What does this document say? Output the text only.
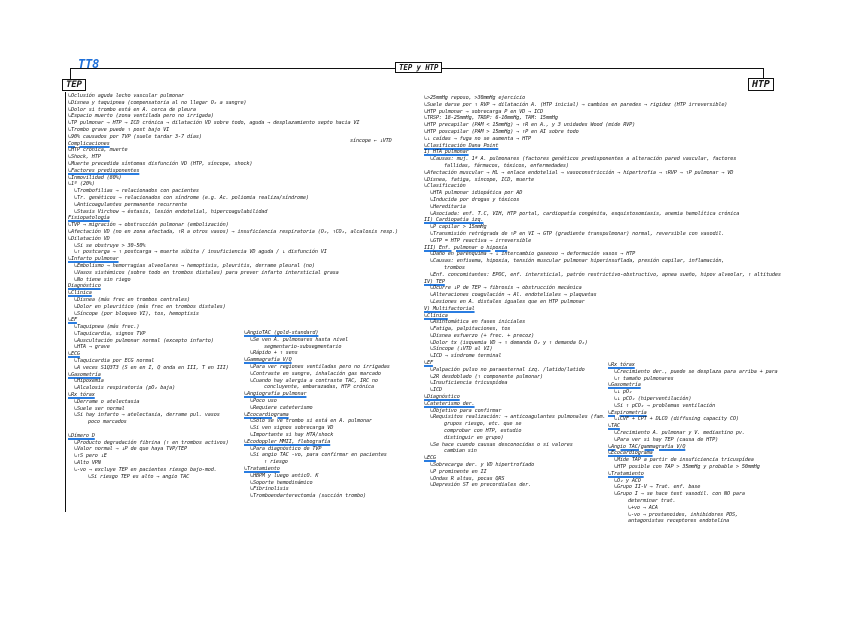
TT8	TEP y HTP
TEP	HTP
↳Oclusión aguda lecho vascular pulmonar
↳Disnea y taquipnea (compensatoria al no llegar O₂ a sangre)
↳Dolor si trombo está en A. cerca de pleura
↳Espacio muerto (zona ventilada pero no irrigada)
↳TP pulmonar → HTP → ICD crónica → dilatación VD sobre todo, aguda → desplazamiento septo hacia VI
↳Trombo grave puede ↑ post bajo VI
↳90% causados por TVP (suele tardar 3-7 días)
Complicaciones
↳HTP crónica, muerte
↳Shock, HTP
↳Muerte precedida síntomas disfunción VD (HTP, síncope, shock)
↳Factores predisponentes
↳Inmovilidad (80%)
↳1º (20%)
↳Trombofilias → relacionados con pacientes
↳Tr. genéticos → relacionados con síndrome (e.g. Ac. poliomia realiza/síndrome)
↳Anticoagulantes permanente recurrente
↳Stasis Virchow → éstasis, lesión endotelial, hipercoagulabilidad
Fisiopatología
↳TVP → migración → obstrucción pulmonar (embolización)
↳Afectación VD (no en zona afectada, ↑R a otros vasos) → insuficiencia respiratoria (O₂, ↑CO₂, alcalosis resp.)
↳Dilatación VD
↳Si se obstruye > 30-50%
↳↑ postcarga → ↑ postcarga → muerte súbita / insuficiencia VD aguda / ↓ disfunción VI
↳Infarto pulmonar
↳Embolismo → hemorragias alveolares → hemoptisis, pleuritis, derrame pleural (no)
↳Vasos sistémicos (sobre todo en trombos distales) para prever infarto intersticial grasa
↳No tiene sin riego
Diagnóstico
↳Clínica
↳Disnea (más frec en trombos centrales)
↳Dolor en pleuritico (más frec en trombos distales)
↳Síncope (por bloqueo VI), tos, hemoptisis
↳EF
↳Taquipnea (más frec.)
↳Taquicardia, signos TVP
↳Auscultación pulmonar normal (excepto infarto)
↳HTA → grave
↳ECG
↳Taquicardia por ECG normal
↳A veces S1Q3T3 (S en en I, Q onda en III, T en III)
↳Gasometría
↳Hipoxemia
↳Alcalosis respiratoria (pO₂ baja)
↳Rx tórax
↳Derrame o atelectasia
↳Suele ser normal
↳Si hay infarto → atelectasia, derrame pul. vasos
poco marcados

↳Dímero D
↳Producto degradación fibrina (↑ en trombos activos)
↳Valor normal → ↓P de que haya TVP/TEP
↳↑S pero ↓E
↳Alto VPN
↳-vo → excluye TEP en pacientes riesgo bajo-mod.
↳Si riesgo TEP es alto → angio TAC
↳AngioTAC (gold-standard)
↳Se ven A. pulmonares hasta nivel
segmentario-subsegmentario
↳Rápido + ↑ sens
↳Gammagrafía V/Q
↳Para ver regiones ventiladas pero no irrigadas
↳Contraste en sangre, inhalación gas marcado
↳Cuando hay alergia a contraste TAC, IRC no
concluyente, embarazadas, HTP crónica
↳Angiografía pulmonar
↳Poco uso
↳Requiere cateterismo
↳Ecocardiograma
↳Sólo se ve trombo si está en A. pulmonar
↳Si ven signos sobrecarga VD
↳Importante si hay HTA/shock
↳Ecodoppler MMII, flebografía
↳Para diagnóstico de TVP
↳Si angio TAC -vo, para confirmar en pacientes
↑ riesgo
↳Tratamiento
↳HBPM y luego anticO. K
↳Soporte hemodinámico
↳Fibrinolisis
↳Tromboendarterectomía (succión trombo)
↳>25mmHg reposo, >30mmHg ejercicio
↳Suele darse por ↑ RVP → dilatación A. (HTP inicial) → cambios en paredes → rigidez (HTP irreversible)
↳HTP pulmonar → sobrecarga P en VD → ICD
↳TRSP: 18-25mmHg, TRDP: 6-10mmHg, TAM: 15mmHg
↳HTP precapilar (PAM < 15mmHg) → ↑R en A., y 3 unidades Wood (mide RVP)
↳HTP poscapilar (PAM > 15mmHg) → ↑P en AI sobre todo
↳↓ caídas → fuga no se aumenta → HTP
↳Clasificación Dana Point
I) HTA pulmonar
↳Causas: muj. 1ª A. pulmonares (factores genéticos predisponentes a alteración pared vascular, factores
fallidas, fármacos, tóxicos, enfermedades)
↳Afectación muscular → HL → enlace endotelial → vasoconstricción → hipertrofia → ↑RVP → ↑P pulmonar → VD
↳Disnea, fatiga, síncope, ICD, muerte
↳Clasificación
↳HTA pulmonar idiopática por AD
↳Inducida por drogas y tóxicos
↳Hereditaria
↳Asociada: enf. T.C, VIH, HTP portal, cardiopatía congénita, esquistosomiasis, anemia hemolítica crónica
II) Cardiopatía izq.
↳P capilar > 15mmHg
↳Transmisión retrógrada de ↑P en VI → GTP (gradiente transpulmonar) normal, reversible con vasodil.
↳GTP = HTP reactiva → irreversible
III) Enf. pulmonar o hipoxia
↳Daño en parénquima → ↓ intercambio gaseoso → deformación vasos → HTP
↳Causas: enfisema, hipoxia, tensión muscular pulmonar hiperinsuflada, presión capilar, inflamación,
trombos
↳Enf. concomitantes: EPOC, enf. intersticial, patrón restrictivo-obstructivo, apnea sueño, hipov alveolar, ↑ altitudes
IV) TEP
↳Ocurre ↓P de TEP → fibrosis → obstrucción mecánica
↳Alteraciones coagulación → Al. endoteliales → plaquetas
↳Lesiones en A. distales iguales que en HTP pulmonar
V) Multifactorial
↳Clínica
↳Asintomática en fases iniciales
↳Fatiga, palpitaciones, tos
↳Disnea esfuerzo (+ frec. + precoz)
↳Dolor tx (isquemia VD → ↑ demanda O₂ y ↑ demanda O₂)
↳Síncope (↓VTD al VI)
↳ICD → síndrome terminal
↳EF
↳Palpación pulso no paraesternal izq. /latido/latido
↳2R desdoblado (↑ componente pulmonar)
↳Insuficiencia tricuspídea
↳ICD
↳Diagnóstico
↳Cateterismo der.
↳Objetivo para confirmar
↳Requisitos realización: → anticoagulantes pulmonales (fam.
grupos riesgo, etc. que se
comprobar con HTP, estudio
distinguir en grupo)
↳Se hace cuando causas desconocidas o si valores
cambian sin
↳ECG
↳Sobrecarga der. y VD hipertrofiado
↳P prominente en II
↳Ondas R altas, pocas QRS
↳Depresión ST en precordiales der.
↳Rx tórax
↳Crecimiento der., puede se desplaza para arriba + para
↳↑ tamaño pulmonares
↳Gasometría
↳↓ pO₂
↳↓ pCO₂ (hiperventilación)
↳Si ↑ pCO₂ → problemas ventilación
↳Espirometría
↳↓CVF + CPT + DLCO (diffusing capacity CO)
↳TAC
↳Crecimiento A. pulmonar y V. mediastino pv.
↳Para ver si hay TEP (causa de HTP)
↳Angio TAC/gammagrafía V/Q
↳Ecocardiograma
↳Mide TAP a partir de insuficiencia tricuspídea
↳HTP posible con TAP > 35mmHg y probable > 50mmHg
↳Tratamiento
↳O₂ y ACO
↳Grupo II-V → Trat. enf. base
↳Grupo I → se hace test vasodil. con NO para
determinar trat.
↳+vo → ACA
↳-vo → prostanoides, inhibidores PDS,
antagonistas receptores endotelina
síncope ← ↓VTD
